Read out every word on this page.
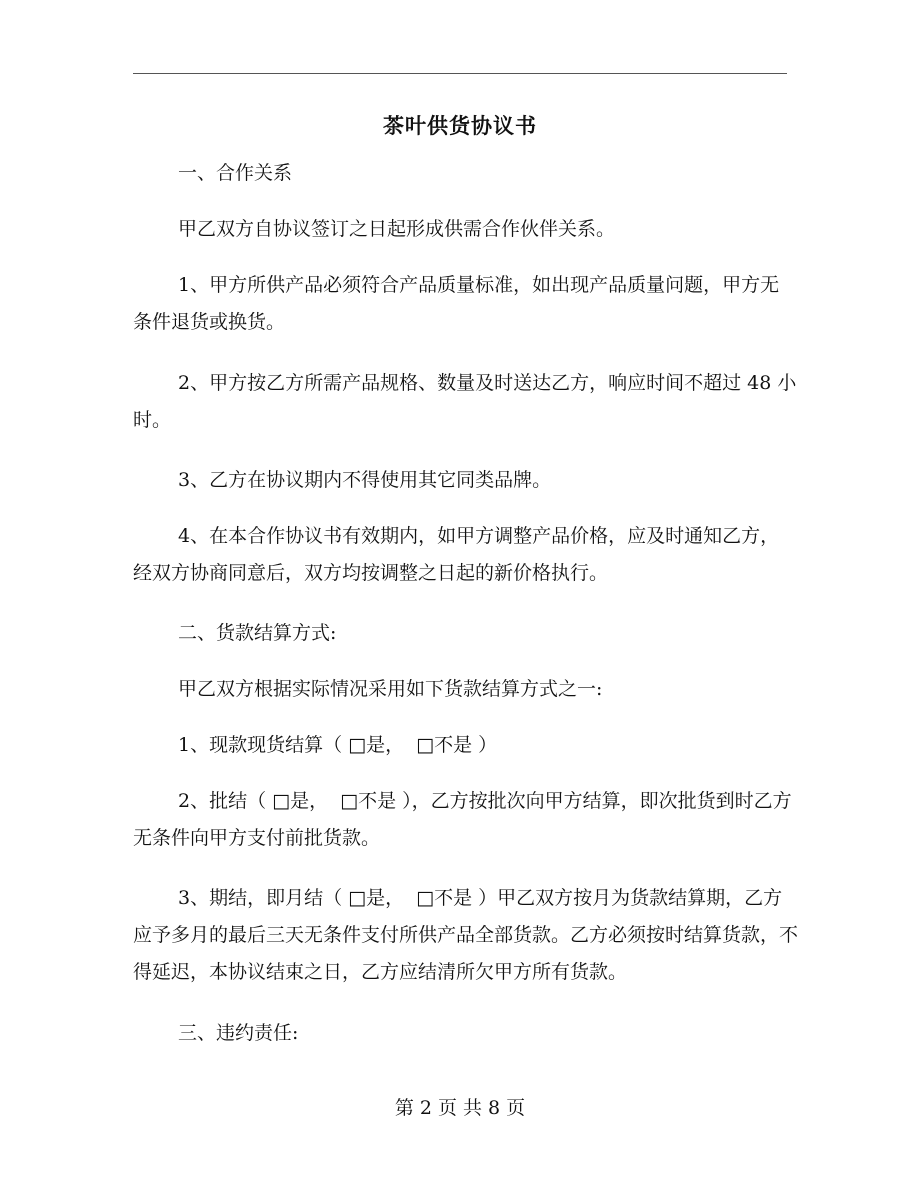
茶叶供货协议书

一、合作关系

甲乙双方自协议签订之日起形成供需合作伙伴关系。

1、甲方所供产品必须符合产品质量标准，如出现产品质量问题，甲方无条件退货或换货。

2、甲方按乙方所需产品规格、数量及时送达乙方，响应时间不超过 48 小时。

3、乙方在协议期内不得使用其它同类品牌。

4、在本合作协议书有效期内，如甲方调整产品价格，应及时通知乙方，经双方协商同意后，双方均按调整之日起的新价格执行。

二、货款结算方式:

甲乙双方根据实际情况采用如下货款结算方式之一:

1、现款现货结算（ □是，  □不是 ）

2、批结（ □是，  □不是 ），乙方按批次向甲方结算，即次批货到时乙方无条件向甲方支付前批货款。

3、期结，即月结（ □是，  □不是 ）甲乙双方按月为货款结算期，乙方应予多月的最后三天无条件支付所供产品全部货款。乙方必须按时结算货款，不得延迟，本协议结束之日，乙方应结清所欠甲方所有货款。

三、违约责任:

第 2 页 共 8 页
